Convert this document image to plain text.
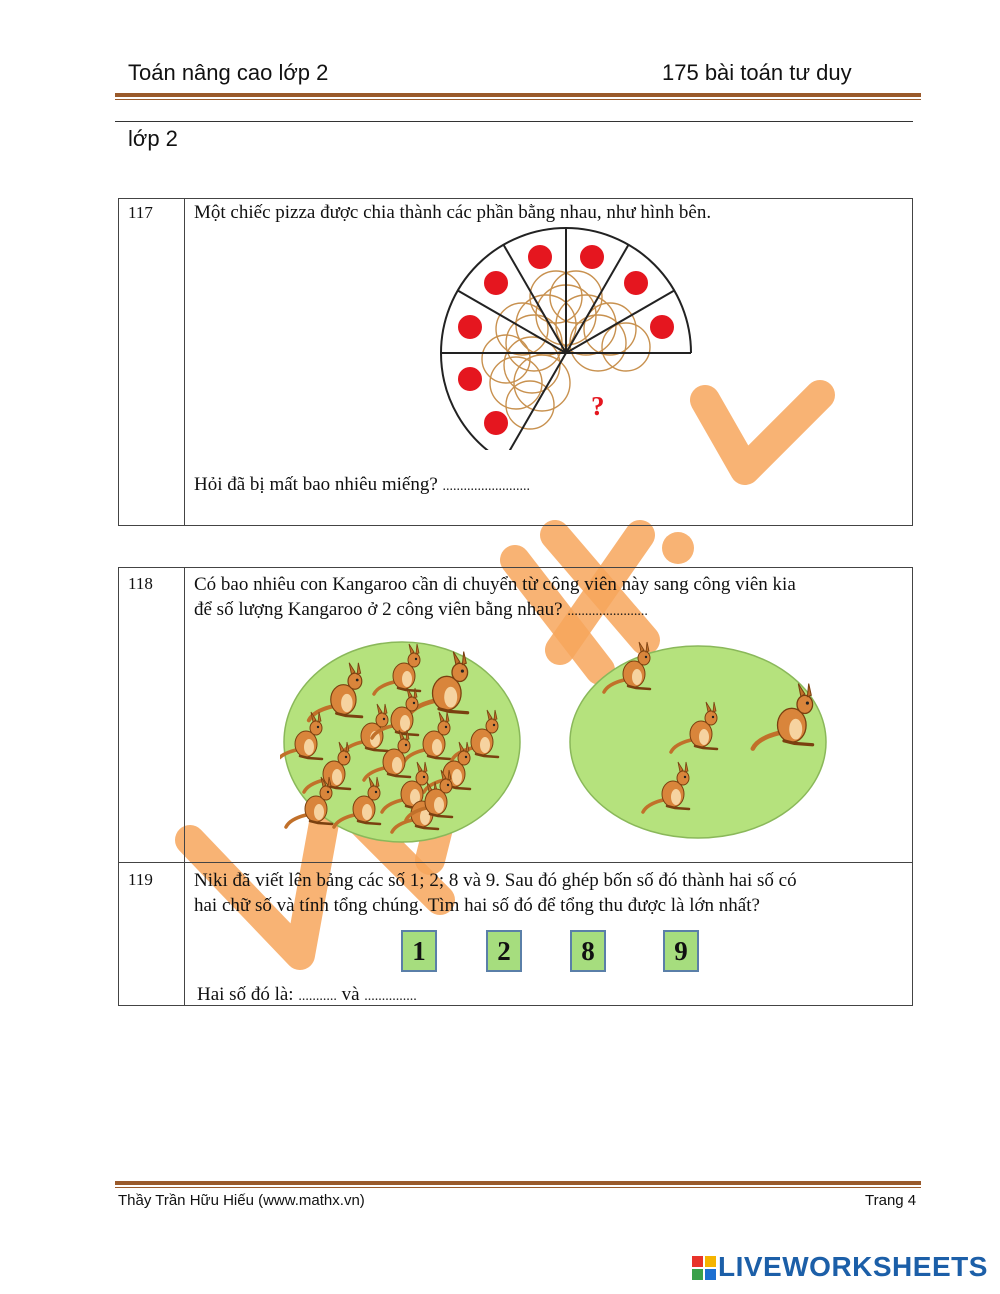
Toán nâng cao lớp 2	175 bài toán tư duy
lớp 2
117 Một chiếc pizza được chia thành các phần bằng nhau, như hình bên.
?
Hỏi đã bị mất bao nhiêu miếng? .........................
118 Có bao nhiêu con Kangaroo cần di chuyển từ công viên này sang công viên kia
để số lượng Kangaroo ở 2 công viên bằng nhau? .......................
119 Niki đã viết lên bảng các số 1; 2; 8 và 9. Sau đó ghép bốn số đó thành hai số có
hai chữ số và tính tổng chúng. Tìm hai số đó để tổng thu được là lớn nhất?
1	2	8	9
Hai số đó là: ........... và ...............
Thầy Trần Hữu Hiếu (www.mathx.vn)	Trang 4
LIVEWORKSHEETS
